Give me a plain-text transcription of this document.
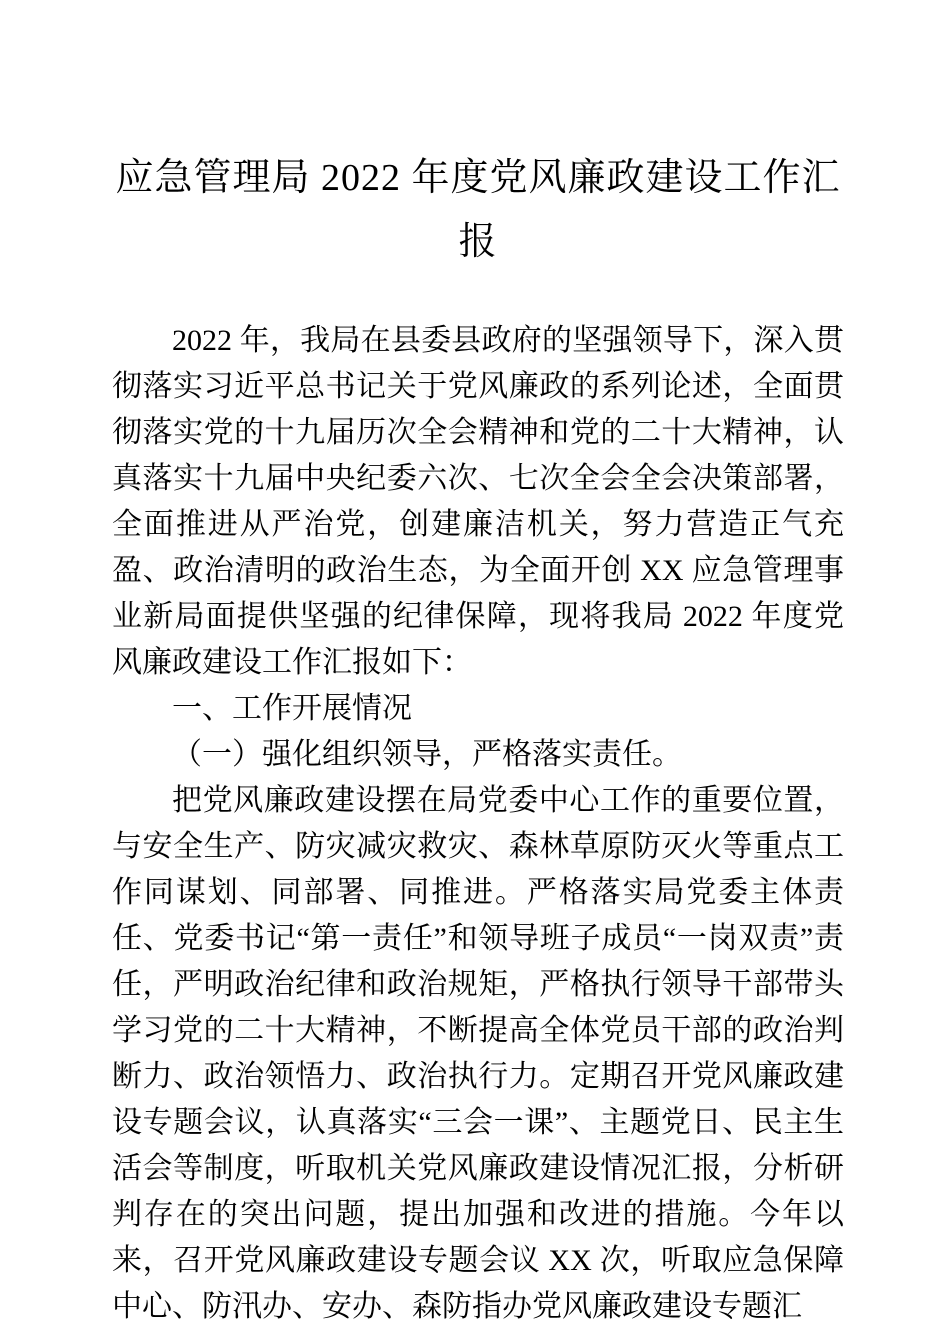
应急管理局 2022 年度党风廉政建设工作汇
报

2022 年，我局在县委县政府的坚强领导下，深入贯彻落实习近平总书记关于党风廉政的系列论述，全面贯彻落实党的十九届历次全会精神和党的二十大精神，认真落实十九届中央纪委六次、七次全会全会决策部署，全面推进从严治党，创建廉洁机关，努力营造正气充盈、政治清明的政治生态，为全面开创 XX 应急管理事业新局面提供坚强的纪律保障，现将我局 2022 年度党风廉政建设工作汇报如下：

一、工作开展情况

（一）强化组织领导，严格落实责任。

把党风廉政建设摆在局党委中心工作的重要位置，与安全生产、防灾减灾救灾、森林草原防灭火等重点工作同谋划、同部署、同推进。严格落实局党委主体责任、党委书记“第一责任”和领导班子成员“一岗双责”责任，严明政治纪律和政治规矩，严格执行领导干部带头学习党的二十大精神，不断提高全体党员干部的政治判断力、政治领悟力、政治执行力。定期召开党风廉政建设专题会议，认真落实“三会一课”、主题党日、民主生活会等制度，听取机关党风廉政建设情况汇报，分析研判存在的突出问题，提出加强和改进的措施。今年以来，召开党风廉政建设专题会议 XX 次，听取应急保障中心、防汛办、安办、森防指办党风廉政建设专题汇
